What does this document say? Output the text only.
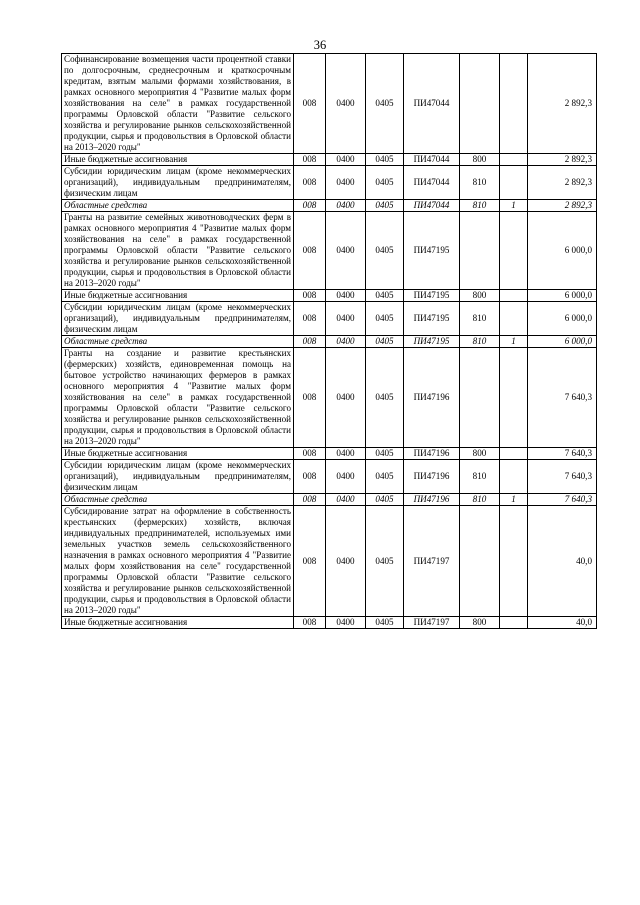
36
Софинансирование возмещения части процентной ставки по долгосрочным, среднесрочным и краткосрочным кредитам, взятым малыми формами хозяйствования, в рамках основного мероприятия 4 "Развитие малых форм хозяйствования на селе" в рамках государственной программы Орловской области "Развитие сельского хозяйства и регулирование рынков сельскохозяйственной продукции, сырья и продовольствия в Орловской области на 2013–2020 годы"	008	0400	0405	ПИ47044			2 892,3
Иные бюджетные ассигнования	008	0400	0405	ПИ47044	800		2 892,3
Субсидии юридическим лицам (кроме некоммерческих организаций), индивидуальным предпринимателям, физическим лицам	008	0400	0405	ПИ47044	810		2 892,3
Областные средства	008	0400	0405	ПИ47044	810	1	2 892,3
Гранты на развитие семейных животноводческих ферм в рамках основного мероприятия 4 "Развитие малых форм хозяйствования на селе" в рамках государственной программы Орловской области "Развитие сельского хозяйства и регулирование рынков сельскохозяйственной продукции, сырья и продовольствия в Орловской области на 2013–2020 годы"	008	0400	0405	ПИ47195			6 000,0
Иные бюджетные ассигнования	008	0400	0405	ПИ47195	800		6 000,0
Субсидии юридическим лицам (кроме некоммерческих организаций), индивидуальным предпринимателям, физическим лицам	008	0400	0405	ПИ47195	810		6 000,0
Областные средства	008	0400	0405	ПИ47195	810	1	6 000,0
Гранты на создание и развитие крестьянских (фермерских) хозяйств, единовременная помощь на бытовое устройство начинающих фермеров в рамках основного мероприятия 4 "Развитие малых форм хозяйствования на селе" в рамках государственной программы Орловской области "Развитие сельского хозяйства и регулирование рынков сельскохозяйственной продукции, сырья и продовольствия в Орловской области на 2013–2020 годы"	008	0400	0405	ПИ47196			7 640,3
Иные бюджетные ассигнования	008	0400	0405	ПИ47196	800		7 640,3
Субсидии юридическим лицам (кроме некоммерческих организаций), индивидуальным предпринимателям, физическим лицам	008	0400	0405	ПИ47196	810		7 640,3
Областные средства	008	0400	0405	ПИ47196	810	1	7 640,3
Субсидирование затрат на оформление в собственность крестьянских (фермерских) хозяйств, включая индивидуальных предпринимателей, используемых ими земельных участков земель сельскохозяйственного назначения в рамках основного мероприятия 4 "Развитие малых форм хозяйствования на селе" государственной программы Орловской области "Развитие сельского хозяйства и регулирование рынков сельскохозяйственной продукции, сырья и продовольствия в Орловской области на 2013–2020 годы"	008	0400	0405	ПИ47197			40,0
Иные бюджетные ассигнования	008	0400	0405	ПИ47197	800		40,0
